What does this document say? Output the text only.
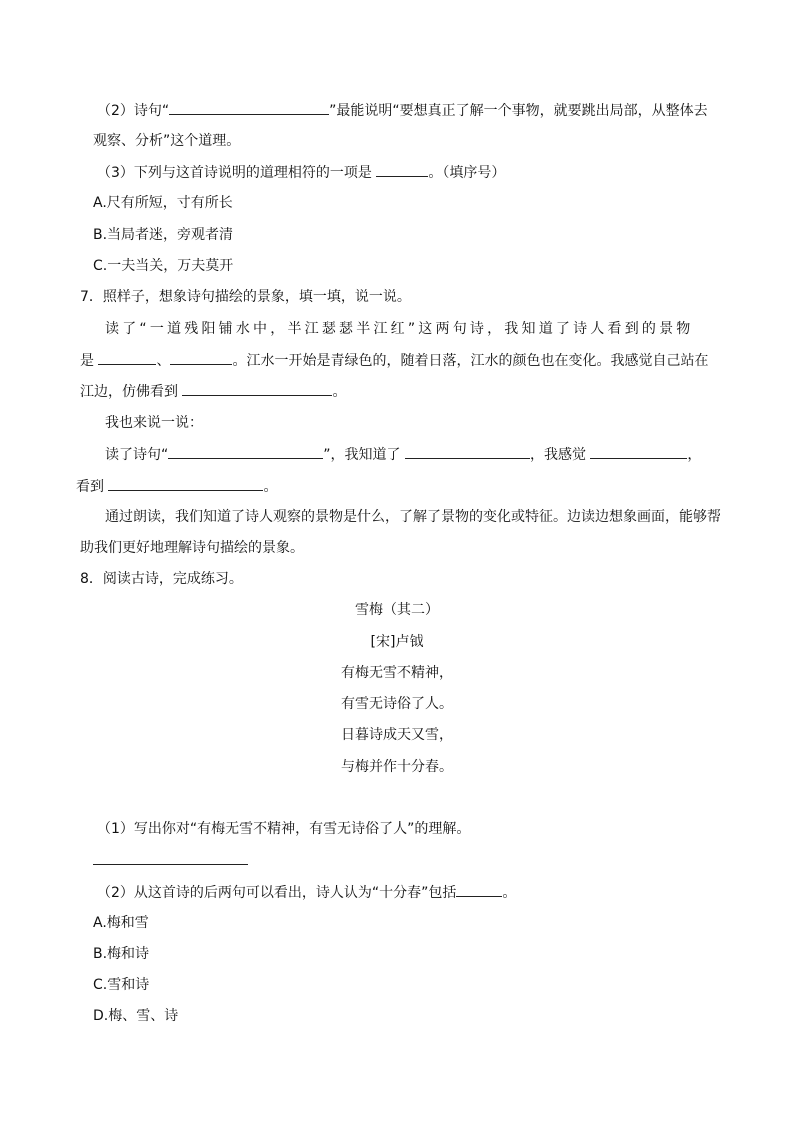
（2）诗句“	”最能说明“要想真正了解一个事物，就要跳出局部，从整体去
观察、分析”这个道理。
（3）下列与这首诗说明的道理相符的一项是	。（填序号）
A.尺有所短，寸有所长
B.当局者迷，旁观者清
C.一夫当关，万夫莫开
7．照样子，想象诗句描绘的景象，填一填，说一说。
读了“一道残阳铺水中，半江瑟瑟半江红”这两句诗，我知道了诗人看到的景物
是	、	。江水一开始是青绿色的，随着日落，江水的颜色也在变化。我感觉自己站在
江边，仿佛看到	。
我也来说一说：
读了诗句“	”，我知道了	，我感觉	，
看到	。
通过朗读，我们知道了诗人观察的景物是什么，了解了景物的变化或特征。边读边想象画面，能够帮
助我们更好地理解诗句描绘的景象。
8．阅读古诗，完成练习。
雪梅（其二）
[宋]卢钺
有梅无雪不精神，
有雪无诗俗了人。
日暮诗成天又雪，
与梅并作十分春。
（1）写出你对“有梅无雪不精神，有雪无诗俗了人”的理解。
（2）从这首诗的后两句可以看出，诗人认为“十分春”包括	。
A.梅和雪
B.梅和诗
C.雪和诗
D.梅、雪、诗
